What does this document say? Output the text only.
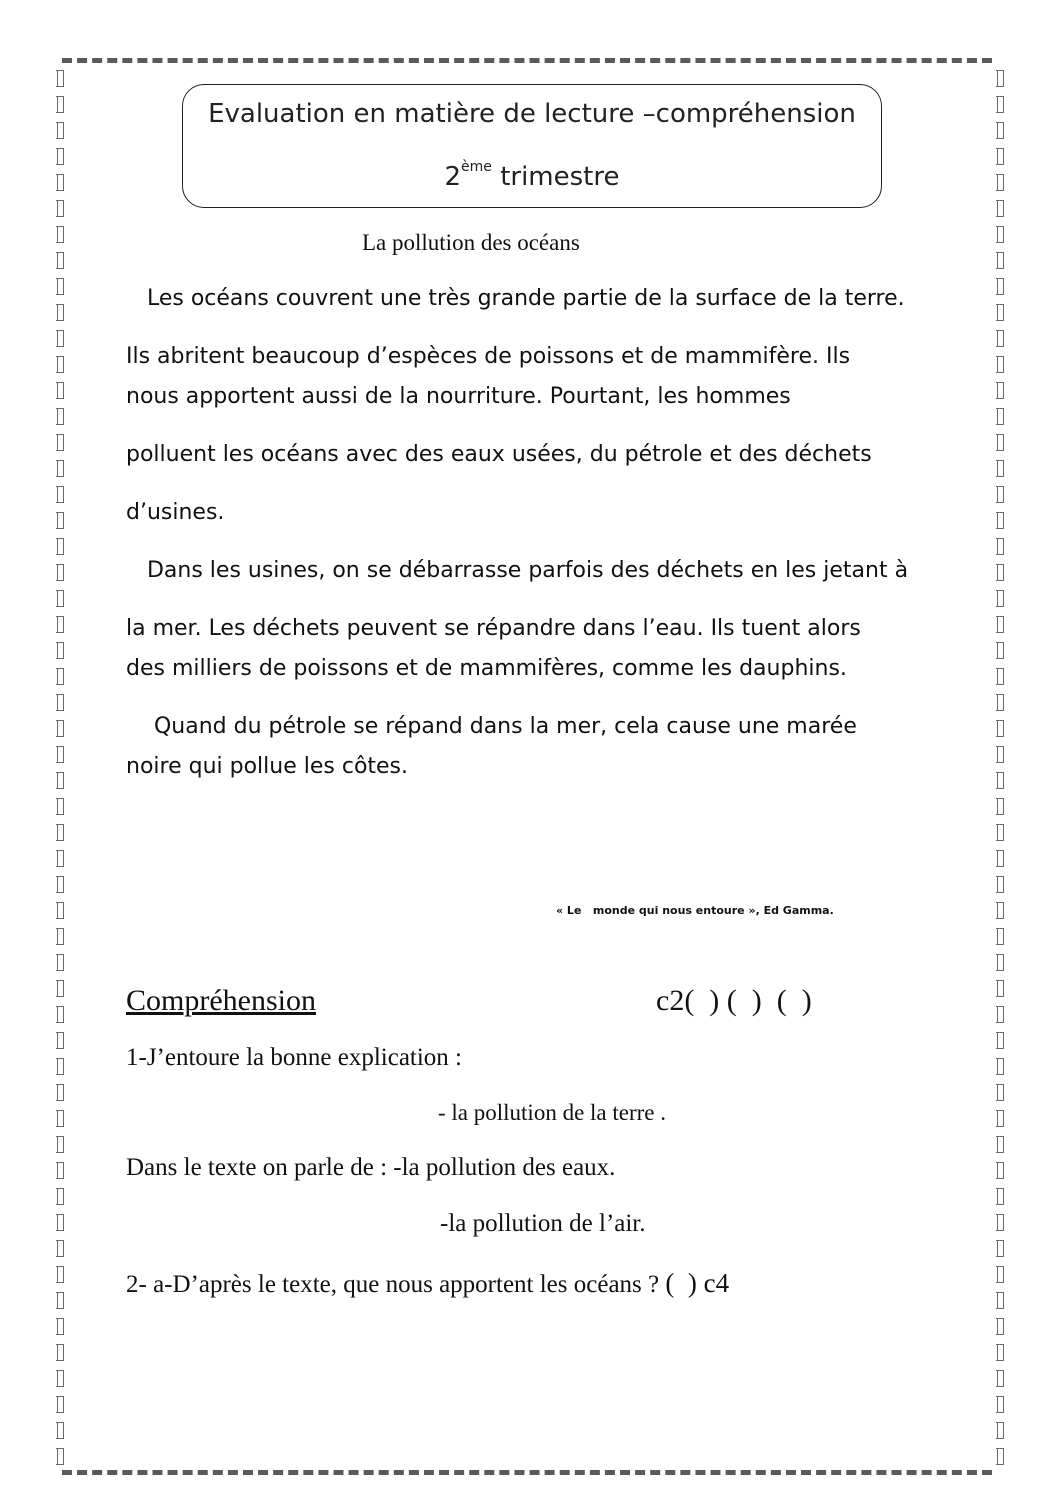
Evaluation en matière de lecture –compréhension
2ème trimestre
La pollution des océans
Les océans couvrent une très grande partie de la surface de la terre.
Ils abritent beaucoup d’espèces de poissons et de mammifère. Ils
nous apportent aussi de la nourriture. Pourtant, les hommes
polluent les océans avec des eaux usées, du pétrole et des déchets
d’usines.
Dans les usines, on se débarrasse parfois des déchets en les jetant à
la mer. Les déchets peuvent se répandre dans l’eau. Ils tuent alors
des milliers de poissons et de mammifères, comme les dauphins.
Quand du pétrole se répand dans la mer, cela cause une marée
noire qui pollue les côtes.
« Le   monde qui nous entoure », Ed Gamma.
Compréhension	c2(  ) (  )  (  )
1-J’entoure la bonne explication :
- la pollution de la terre .
Dans le texte on parle de : -la pollution des eaux.
-la pollution de l’air.
2- a-D’après le texte, que nous apportent les océans ? (  ) c4
